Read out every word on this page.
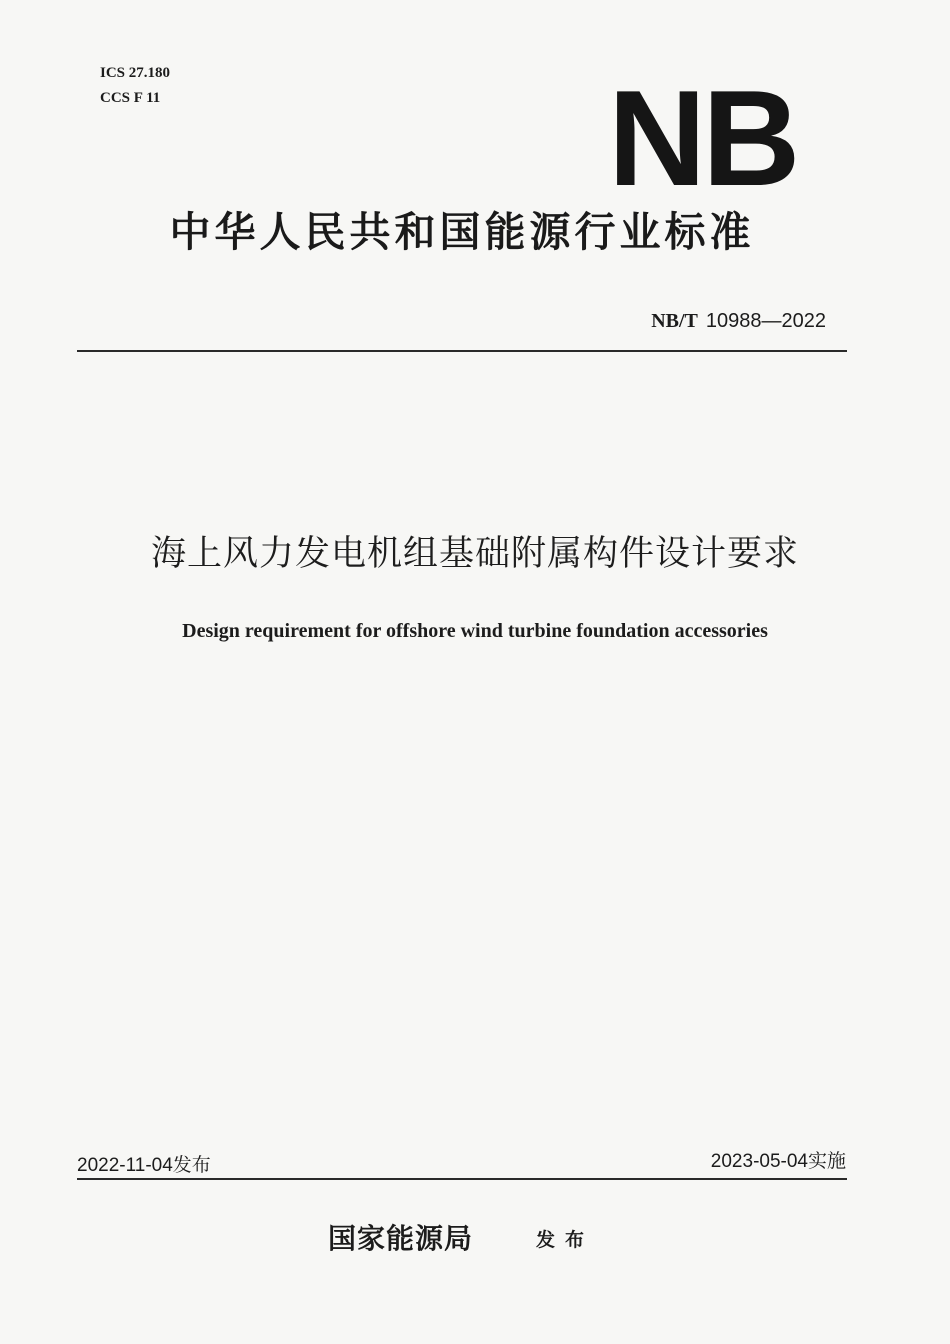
ICS 27.180
CCS F 11	NB
中华人民共和国能源行业标准
NB/T 10988—2022
海上风力发电机组基础附属构件设计要求
Design requirement for offshore wind turbine foundation accessories
2022-11-04发布	2023-05-04实施
国家能源局	发布
